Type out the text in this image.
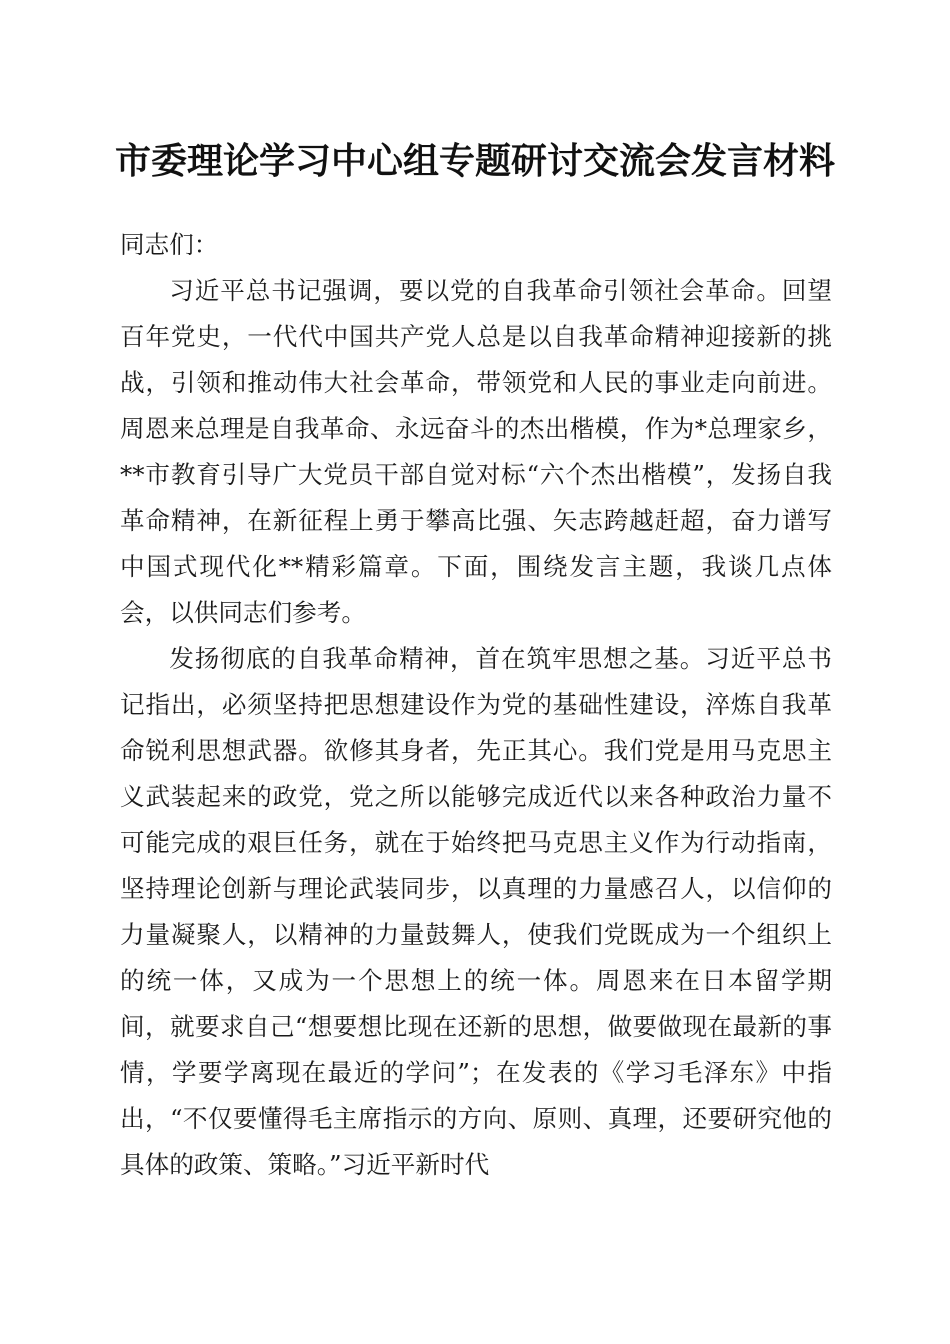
市委理论学习中心组专题研讨交流会发言材料

同志们：

习近平总书记强调，要以党的自我革命引领社会革命。回望百年党史，一代代中国共产党人总是以自我革命精神迎接新的挑战，引领和推动伟大社会革命，带领党和人民的事业走向前进。周恩来总理是自我革命、永远奋斗的杰出楷模，作为*总理家乡，**市教育引导广大党员干部自觉对标“六个杰出楷模”，发扬自我革命精神，在新征程上勇于攀高比强、矢志跨越赶超，奋力谱写中国式现代化**精彩篇章。下面，围绕发言主题，我谈几点体会，以供同志们参考。

发扬彻底的自我革命精神，首在筑牢思想之基。习近平总书记指出，必须坚持把思想建设作为党的基础性建设，淬炼自我革命锐利思想武器。欲修其身者，先正其心。我们党是用马克思主义武装起来的政党，党之所以能够完成近代以来各种政治力量不可能完成的艰巨任务，就在于始终把马克思主义作为行动指南，坚持理论创新与理论武装同步，以真理的力量感召人，以信仰的力量凝聚人，以精神的力量鼓舞人，使我们党既成为一个组织上的统一体，又成为一个思想上的统一体。周恩来在日本留学期间，就要求自己“想要想比现在还新的思想，做要做现在最新的事情，学要学离现在最近的学问”；在发表的《学习毛泽东》中指出，“不仅要懂得毛主席指示的方向、原则、真理，还要研究他的具体的政策、策略。”习近平新时代
